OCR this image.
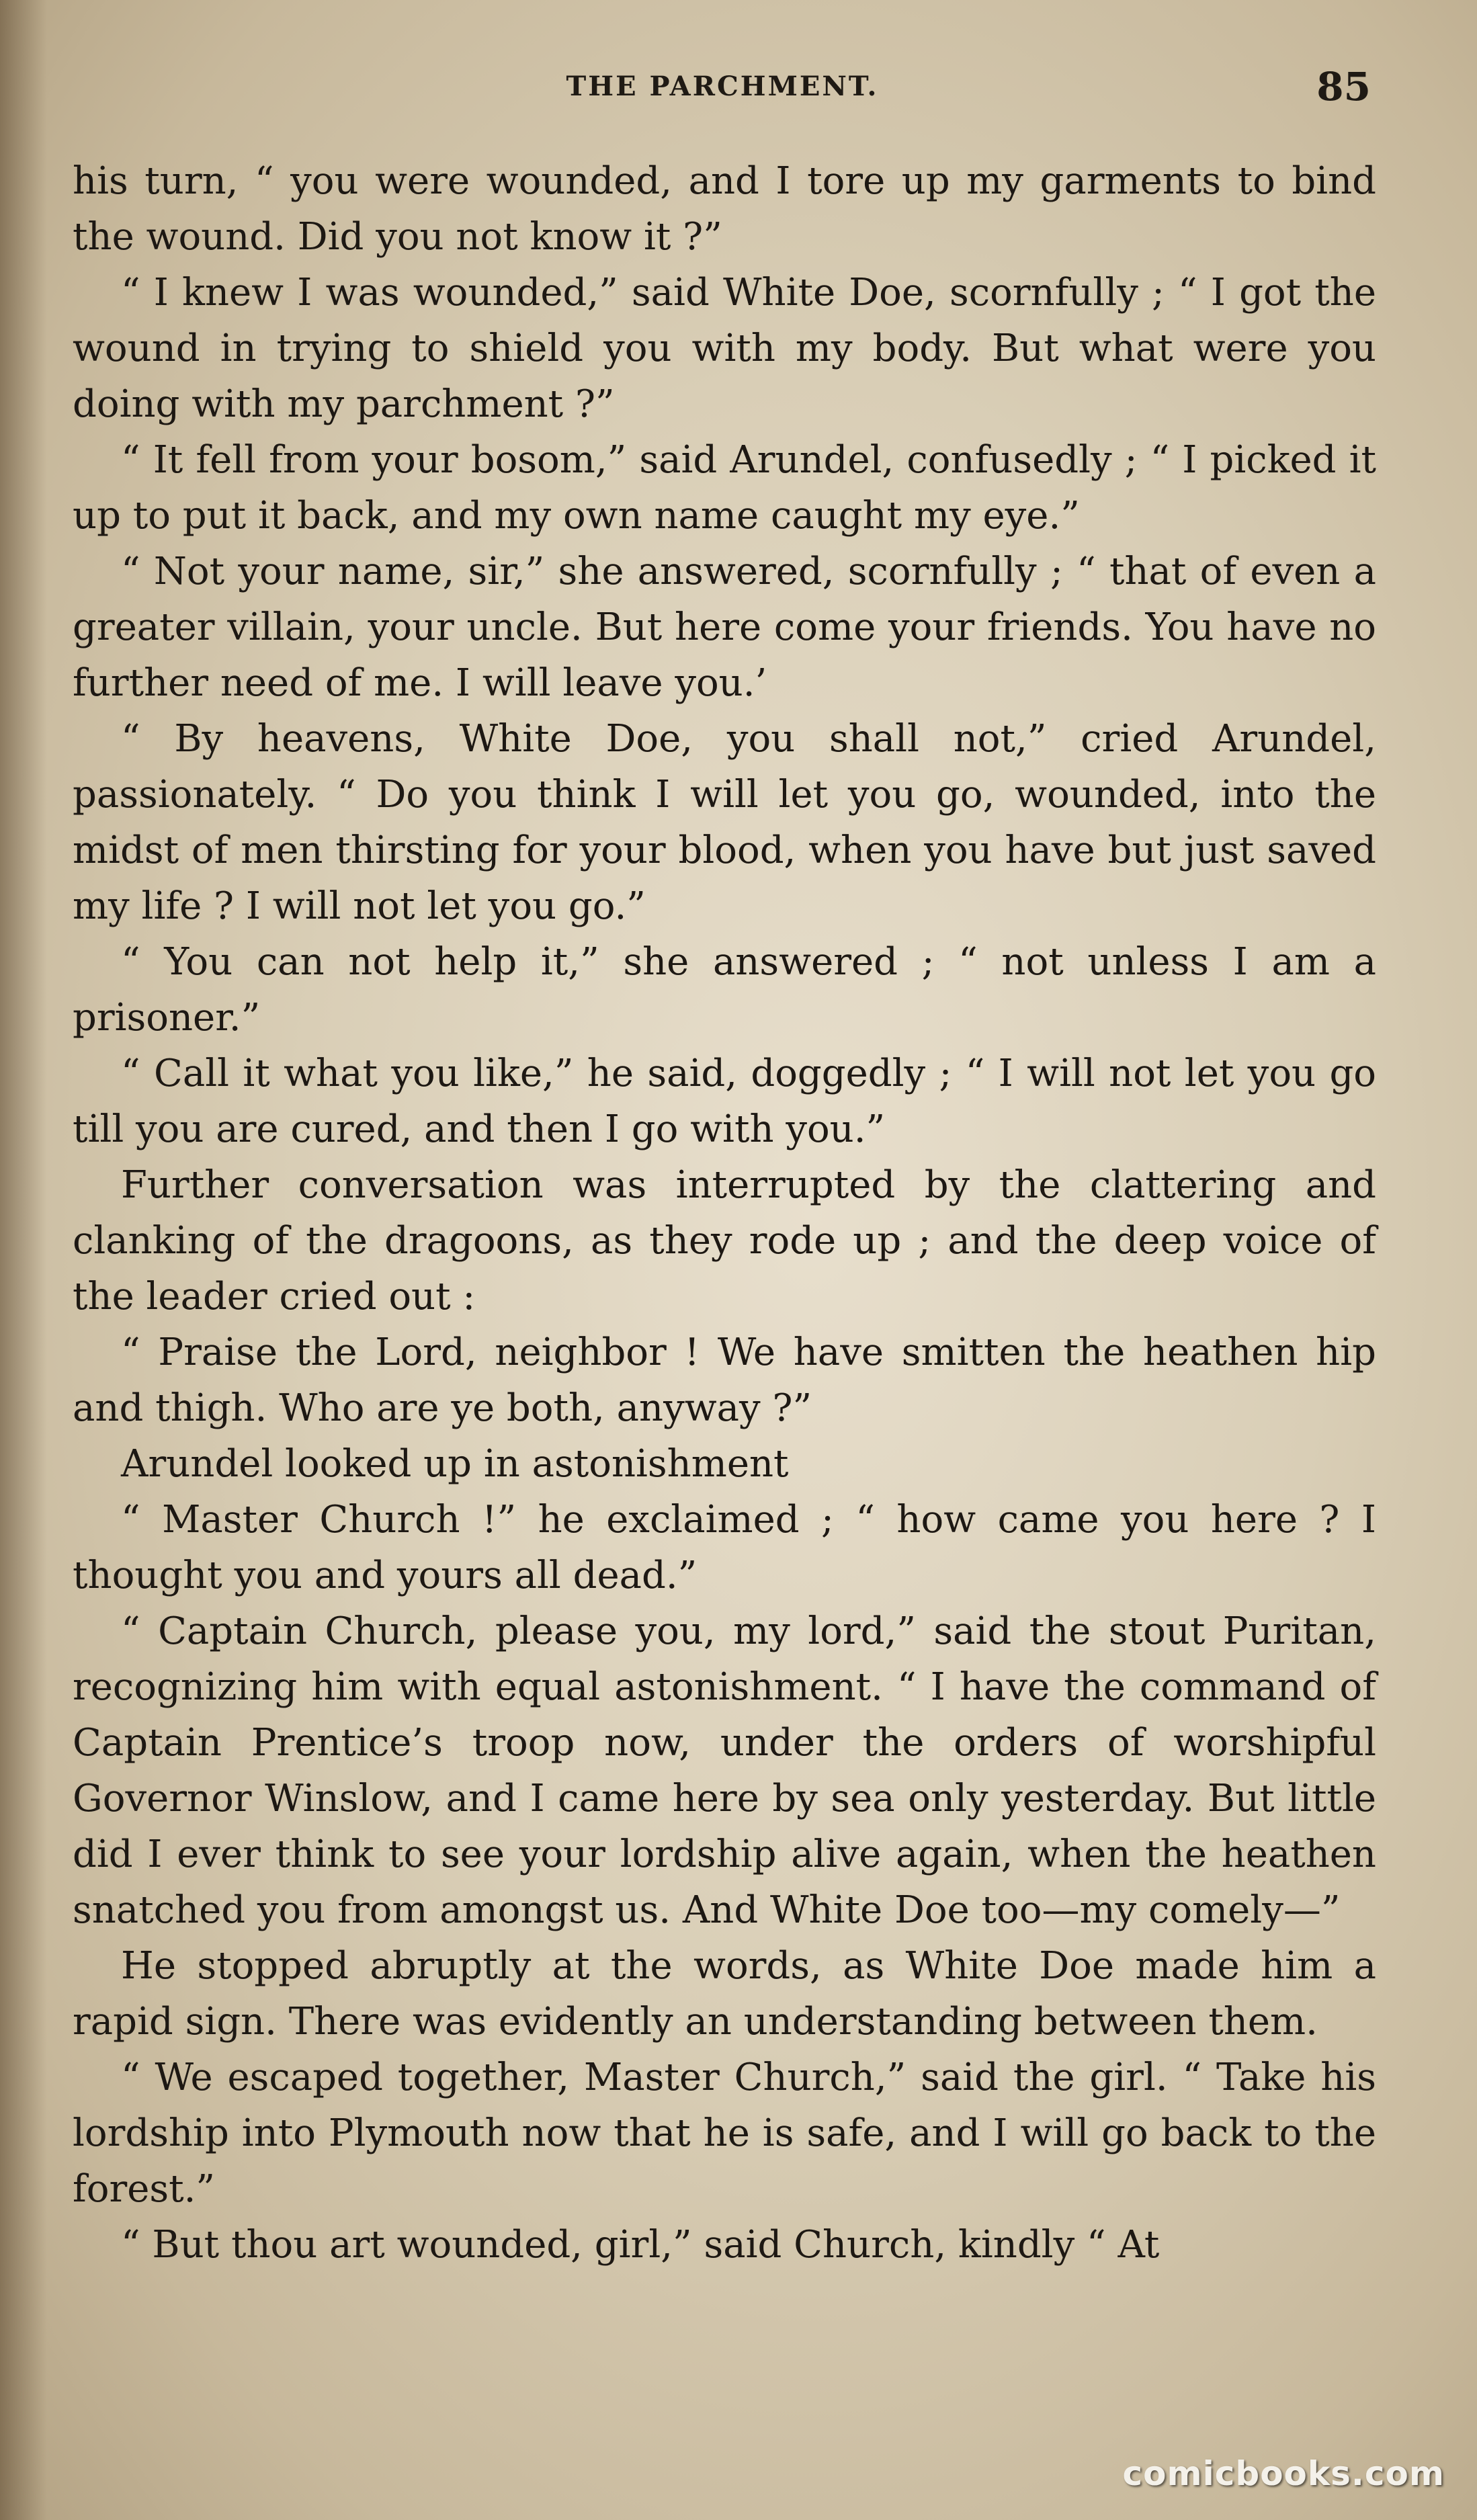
THE PARCHMENT.	85

his turn, “ you were wounded, and I tore up my garments to bind the wound. Did you not know it ?”

“ I knew I was wounded,” said White Doe, scornfully ; “ I got the wound in trying to shield you with my body. But what were you doing with my parchment ?”

“ It fell from your bosom,” said Arundel, confusedly ; “ I picked it up to put it back, and my own name caught my eye.”

“ Not your name, sir,” she answered, scornfully ; “ that of even a greater villain, your uncle. But here come your friends. You have no further need of me. I will leave you.’

“ By heavens, White Doe, you shall not,” cried Arundel, passionately. “ Do you think I will let you go, wounded, into the midst of men thirsting for your blood, when you have but just saved my life ? I will not let you go.”

“ You can not help it,” she answered ; “ not unless I am a prisoner.”

“ Call it what you like,” he said, doggedly ; “ I will not let you go till you are cured, and then I go with you.”

Further conversation was interrupted by the clattering and clanking of the dragoons, as they rode up ; and the deep voice of the leader cried out :

“ Praise the Lord, neighbor ! We have smitten the heathen hip and thigh. Who are ye both, anyway ?”

Arundel looked up in astonishment

“ Master Church !” he exclaimed ; “ how came you here ? I thought you and yours all dead.”

“ Captain Church, please you, my lord,” said the stout Puritan, recognizing him with equal astonishment. “ I have the command of Captain Prentice’s troop now, under the orders of worshipful Governor Winslow, and I came here by sea only yesterday. But little did I ever think to see your lordship alive again, when the heathen snatched you from amongst us. And White Doe too—my comely—”

He stopped abruptly at the words, as White Doe made him a rapid sign. There was evidently an understanding between them.

“ We escaped together, Master Church,” said the girl. “ Take his lordship into Plymouth now that he is safe, and I will go back to the forest.”

“ But thou art wounded, girl,” said Church, kindly “ At

comicbooks.com
